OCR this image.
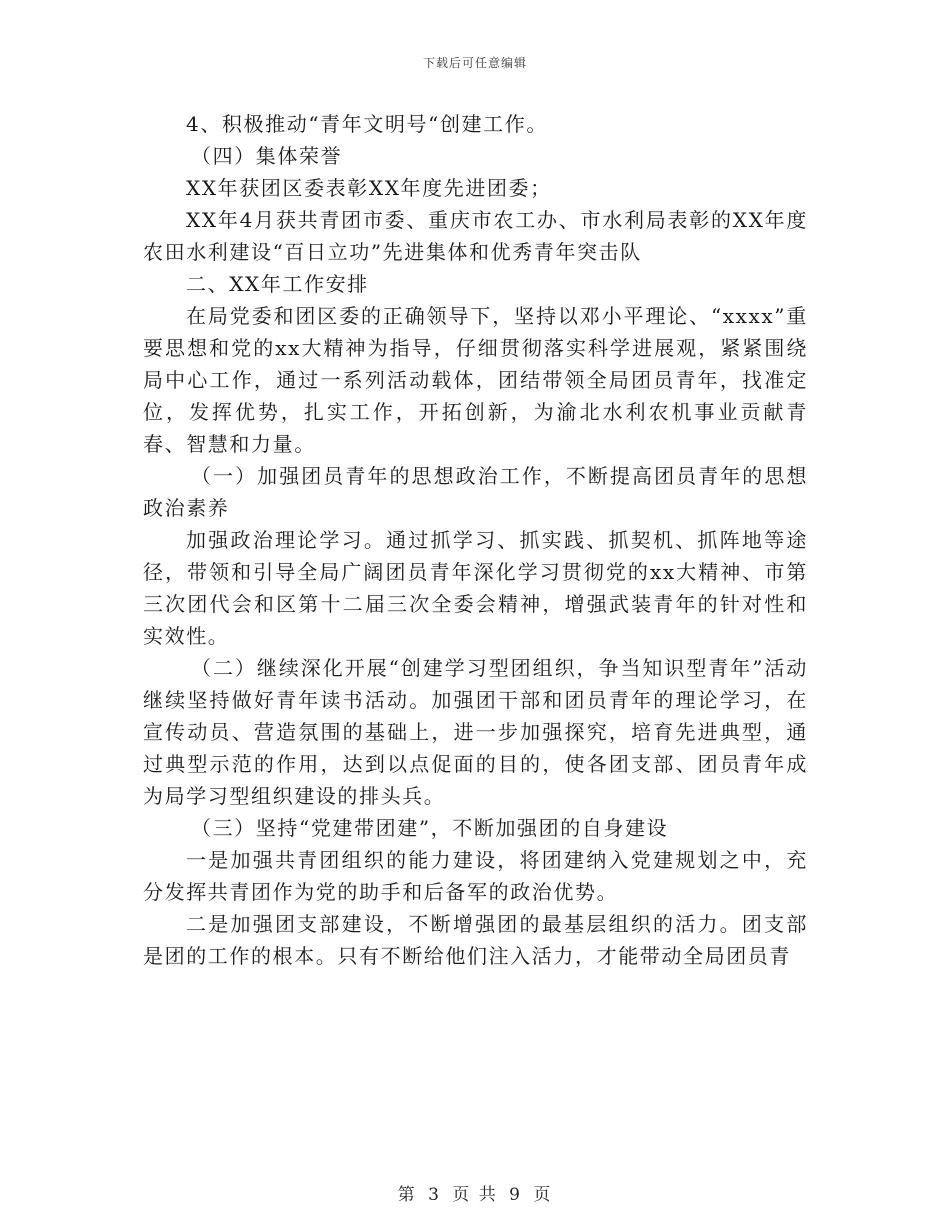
下载后可任意编辑

4、积极推动“青年文明号“创建工作。

（四）集体荣誉

XX年获团区委表彰XX年度先进团委；

XX年4月获共青团市委、重庆市农工办、市水利局表彰的XX年度农田水利建设“百日立功”先进集体和优秀青年突击队

二、XX年工作安排

在局党委和团区委的正确领导下，坚持以邓小平理论、“xxxx”重要思想和党的xx大精神为指导，仔细贯彻落实科学进展观，紧紧围绕局中心工作，通过一系列活动载体，团结带领全局团员青年，找准定位，发挥优势，扎实工作，开拓创新，为渝北水利农机事业贡献青春、智慧和力量。

（一）加强团员青年的思想政治工作，不断提高团员青年的思想政治素养

加强政治理论学习。通过抓学习、抓实践、抓契机、抓阵地等途径，带领和引导全局广阔团员青年深化学习贯彻党的xx大精神、市第三次团代会和区第十二届三次全委会精神，增强武装青年的针对性和实效性。

（二）继续深化开展“创建学习型团组织，争当知识型青年”活动继续坚持做好青年读书活动。加强团干部和团员青年的理论学习，在宣传动员、营造氛围的基础上，进一步加强探究，培育先进典型，通过典型示范的作用，达到以点促面的目的，使各团支部、团员青年成为局学习型组织建设的排头兵。

（三）坚持“党建带团建”，不断加强团的自身建设

一是加强共青团组织的能力建设，将团建纳入党建规划之中，充分发挥共青团作为党的助手和后备军的政治优势。

二是加强团支部建设，不断增强团的最基层组织的活力。团支部是团的工作的根本。只有不断给他们注入活力，才能带动全局团员青

第 3 页 共 9 页
